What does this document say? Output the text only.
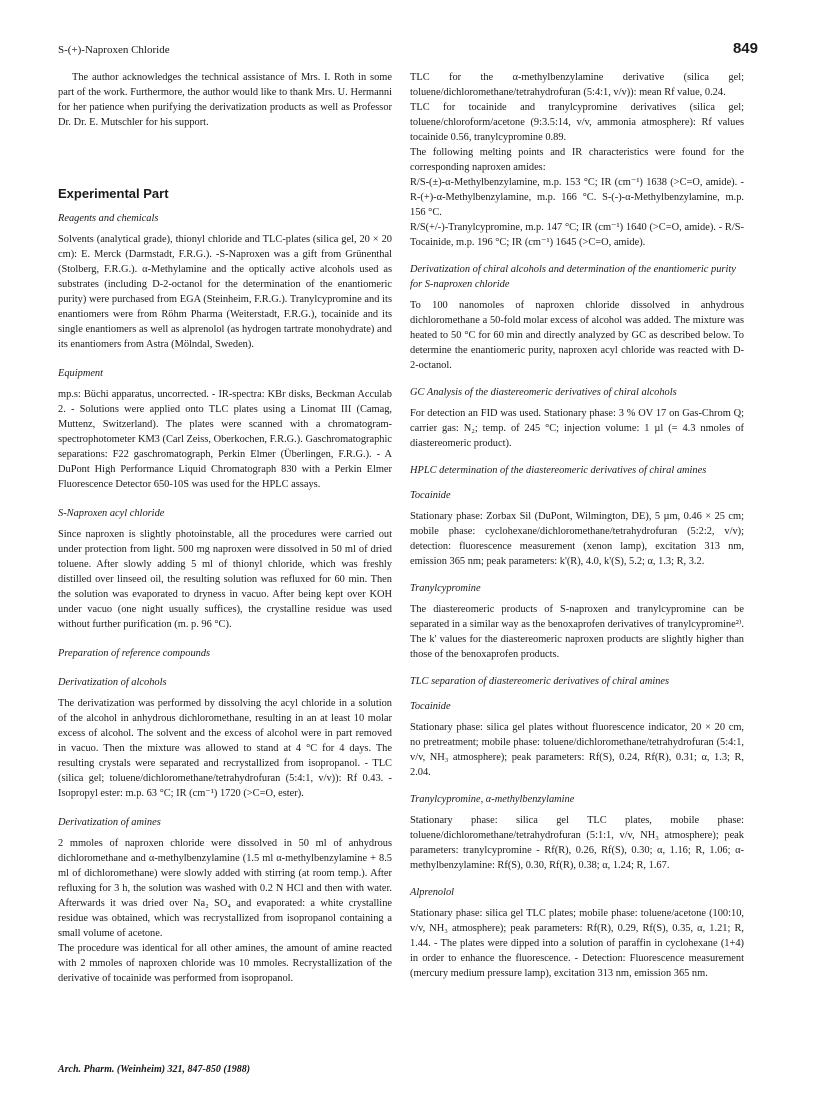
S-(+)-Naproxen Chloride	849

The author acknowledges the technical assistance of Mrs. I. Roth in some part of the work. Furthermore, the author would like to thank Mrs. U. Hermanni for her patience when purifying the derivatization products as well as Professor Dr. Dr. E. Mutschler for his support.

Experimental Part
Reagents and chemicals

Solvents (analytical grade), thionyl chloride and TLC-plates (silica gel, 20 × 20 cm): E. Merck (Darmstadt, F.R.G.). -S-Naproxen was a gift from Grünenthal (Stolberg, F.R.G.). α-Methylamine and the optically active alcohols used as substrates (including D-2-octanol for the determination of the enantiomeric purity) were purchased from EGA (Steinheim, F.R.G.). Tranylcypromine and its enantiomers were from Röhm Pharma (Weiterstadt, F.R.G.), tocainide and its single enantiomers as well as alprenolol (as hydrogen tartrate monohydrate) and its enantiomers from Astra (Mölndal, Sweden).

Equipment

mp.s: Büchi apparatus, uncorrected. - IR-spectra: KBr disks, Beckman Acculab 2. - Solutions were applied onto TLC plates using a Linomat III (Camag, Muttenz, Switzerland). The plates were scanned with a chromatogram-spectrophotometer KM3 (Carl Zeiss, Oberkochen, F.R.G.). Gaschromatographic separations: F22 gaschromatograph, Perkin Elmer (Überlingen, F.R.G.). - A DuPont High Performance Liquid Chromatograph 830 with a Perkin Elmer Fluorescence Detector 650-10S was used for the HPLC assays.

S-Naproxen acyl chloride

Since naproxen is slightly photoinstable, all the procedures were carried out under protection from light. 500 mg naproxen were dissolved in 50 ml of dried toluene. After slowly adding 5 ml of thionyl chloride, which was freshly distilled over linseed oil, the resulting solution was refluxed for 60 min. Then the solution was evaporated to dryness in vacuo. After being kept over KOH under vacuo (one night usually suffices), the crystalline residue was used without further purification (m. p. 96 °C).

Preparation of reference compounds
Derivatization of alcohols

The derivatization was performed by dissolving the acyl chloride in a solution of the alcohol in anhydrous dichloromethane, resulting in an at least 10 molar excess of alcohol. The solvent and the excess of alcohol were in part removed in vacuo. Then the mixture was allowed to stand at 4 °C for 4 days. The resulting crystals were separated and recrystallized from isopropanol. - TLC (silica gel; toluene/dichloromethane/tetrahydrofuran (5:4:1, v/v)): Rf 0.43. - Isopropyl ester: m.p. 63 °C; IR (cm⁻¹) 1720 (>C=O, ester).

Derivatization of amines

2 mmoles of naproxen chloride were dissolved in 50 ml of anhydrous dichloromethane and α-methylbenzylamine (1.5 ml α-methylbenzylamine + 8.5 ml of dichloromethane) were slowly added with stirring (at room temp.). After refluxing for 3 h, the solution was washed with 0.2 N HCl and then with water. Afterwards it was dried over Na₂ SO₄ and evaporated: a white crystalline residue was obtained, which was recrystallized from isopropanol containing a small volume of acetone.

The procedure was identical for all other amines, the amount of amine reacted with 2 mmoles of naproxen chloride was 10 mmoles. Recrystallization of the derivative of tocainide was performed from isopropanol.

TLC for the α-methylbenzylamine derivative (silica gel; toluene/dichloromethane/tetrahydrofuran (5:4:1, v/v)): mean Rf value, 0.24.

TLC for tocainide and tranylcypromine derivatives (silica gel; toluene/chloroform/acetone (9:3.5:14, v/v, ammonia atmosphere): Rf values tocainide 0.56, tranylcypromine 0.89.

The following melting points and IR characteristics were found for the corresponding naproxen amides:

R/S-(±)-α-Methylbenzylamine, m.p. 153 °C; IR (cm⁻¹) 1638 (>C=O, amide). - R-(+)-α-Methylbenzylamine, m.p. 166 °C. S-(-)-α-Methylbenzylamine, m.p. 156 °C.

R/S(+/-)-Tranylcypromine, m.p. 147 °C; IR (cm⁻¹) 1640 (>C=O, amide). - R/S-Tocainide, m.p. 196 °C; IR (cm⁻¹) 1645 (>C=O, amide).

Derivatization of chiral alcohols and determination of the enantiomeric purity for S-naproxen chloride

To 100 nanomoles of naproxen chloride dissolved in anhydrous dichloromethane a 50-fold molar excess of alcohol was added. The mixture was heated to 50 °C for 60 min and directly analyzed by GC as described below. To determine the enantiomeric purity, naproxen acyl chloride was reacted with D-2-octanol.

GC Analysis of the diastereomeric derivatives of chiral alcohols

For detection an FID was used. Stationary phase: 3 % OV 17 on Gas-Chrom Q; carrier gas: N₂; temp. of 245 °C; injection volume: 1 µl (= 4.3 nmoles of diastereomeric product).

HPLC determination of the diastereomeric derivatives of chiral amines
Tocainide

Stationary phase: Zorbax Sil (DuPont, Wilmington, DE), 5 µm, 0.46 × 25 cm; mobile phase: cyclohexane/dichloromethane/tetrahydrofuran (5:2:2, v/v); detection: fluorescence measurement (xenon lamp), excitation 313 nm, emission 365 nm; peak parameters: k'(R), 4.0, k'(S), 5.2; α, 1.3; R, 3.2.

Tranylcypromine

The diastereomeric products of S-naproxen and tranylcypromine can be separated in a similar way as the benoxaprofen derivatives of tranylcypromine²⁾. The k' values for the diastereomeric naproxen products are slightly higher than those of the benoxaprofen products.

TLC separation of diastereomeric derivatives of chiral amines
Tocainide

Stationary phase: silica gel plates without fluorescence indicator, 20 × 20 cm, no pretreatment; mobile phase: toluene/dichloromethane/tetrahydrofuran (5:4:1, v/v, NH₃ atmosphere); peak parameters: Rf(S), 0.24, Rf(R), 0.31; α, 1.3; R, 2.04.

Tranylcypromine, α-methylbenzylamine

Stationary phase: silica gel TLC plates, mobile phase: toluene/dichloromethane/tetrahydrofuran (5:1:1, v/v, NH₃ atmosphere); peak parameters: tranylcypromine - Rf(R), 0.26, Rf(S), 0.30; α, 1.16; R, 1.06; α-methylbenzylamine: Rf(S), 0.30, Rf(R), 0.38; α, 1.24; R, 1.67.

Alprenolol

Stationary phase: silica gel TLC plates; mobile phase: toluene/acetone (100:10, v/v, NH₃ atmosphere); peak parameters: Rf(R), 0.29, Rf(S), 0.35, α, 1.21; R, 1.44. - The plates were dipped into a solution of paraffin in cyclohexane (1+4) in order to enhance the fluorescence. - Detection: Fluorescence measurement (mercury medium pressure lamp), excitation 313 nm, emission 365 nm.

Arch. Pharm. (Weinheim) 321, 847-850 (1988)
